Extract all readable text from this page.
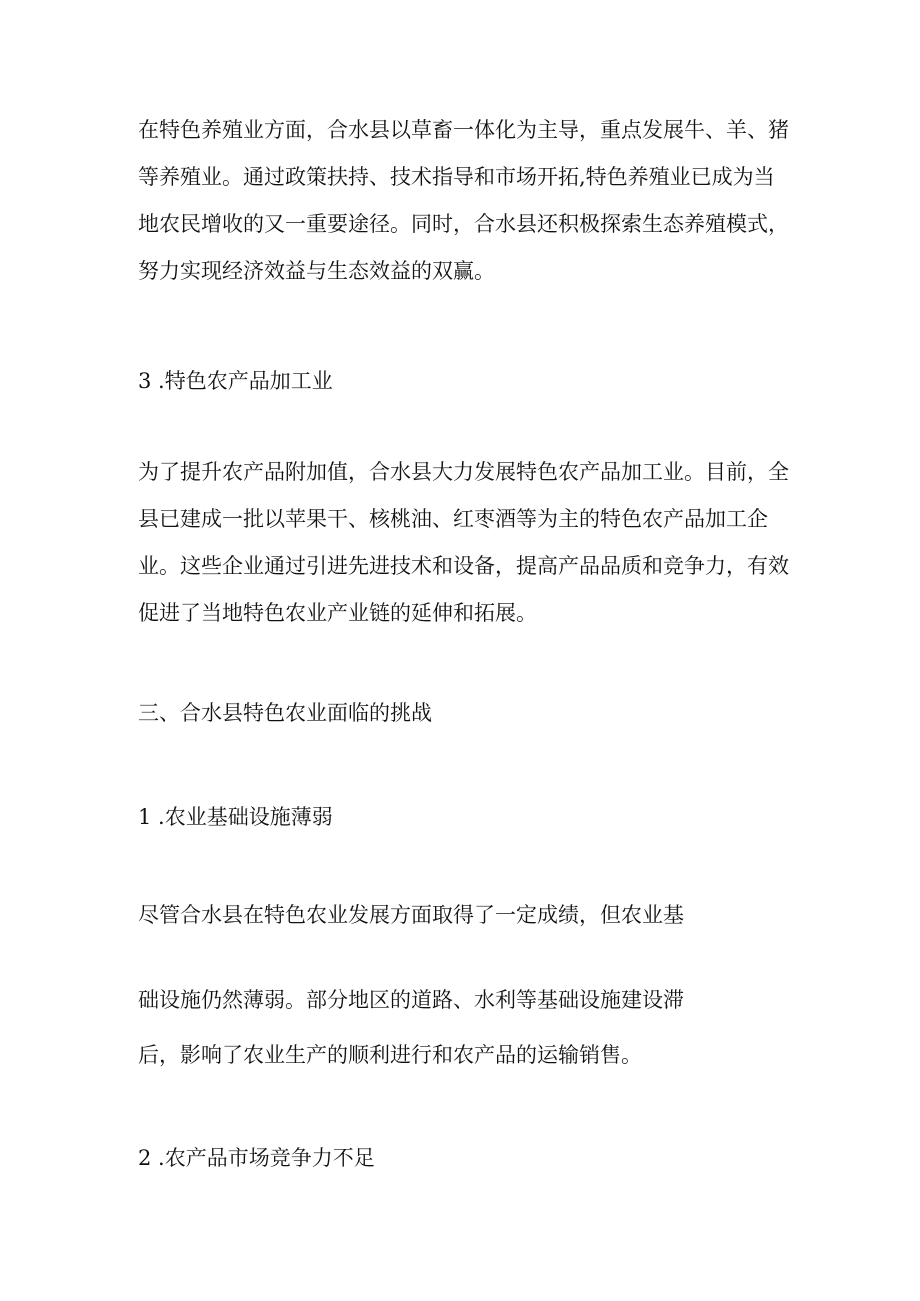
在特色养殖业方面，合水县以草畜一体化为主导，重点发展牛、羊、猪等养殖业。通过政策扶持、技术指导和市场开拓,特色养殖业已成为当地农民增收的又一重要途径。同时，合水县还积极探索生态养殖模式，努力实现经济效益与生态效益的双赢。

3 .特色农产品加工业

为了提升农产品附加值，合水县大力发展特色农产品加工业。目前，全县已建成一批以苹果干、核桃油、红枣酒等为主的特色农产品加工企业。这些企业通过引进先进技术和设备，提高产品品质和竞争力，有效促进了当地特色农业产业链的延伸和拓展。

三、合水县特色农业面临的挑战

1 .农业基础设施薄弱

尽管合水县在特色农业发展方面取得了一定成绩，但农业基

础设施仍然薄弱。部分地区的道路、水利等基础设施建设滞

后，影响了农业生产的顺利进行和农产品的运输销售。

2 .农产品市场竞争力不足
